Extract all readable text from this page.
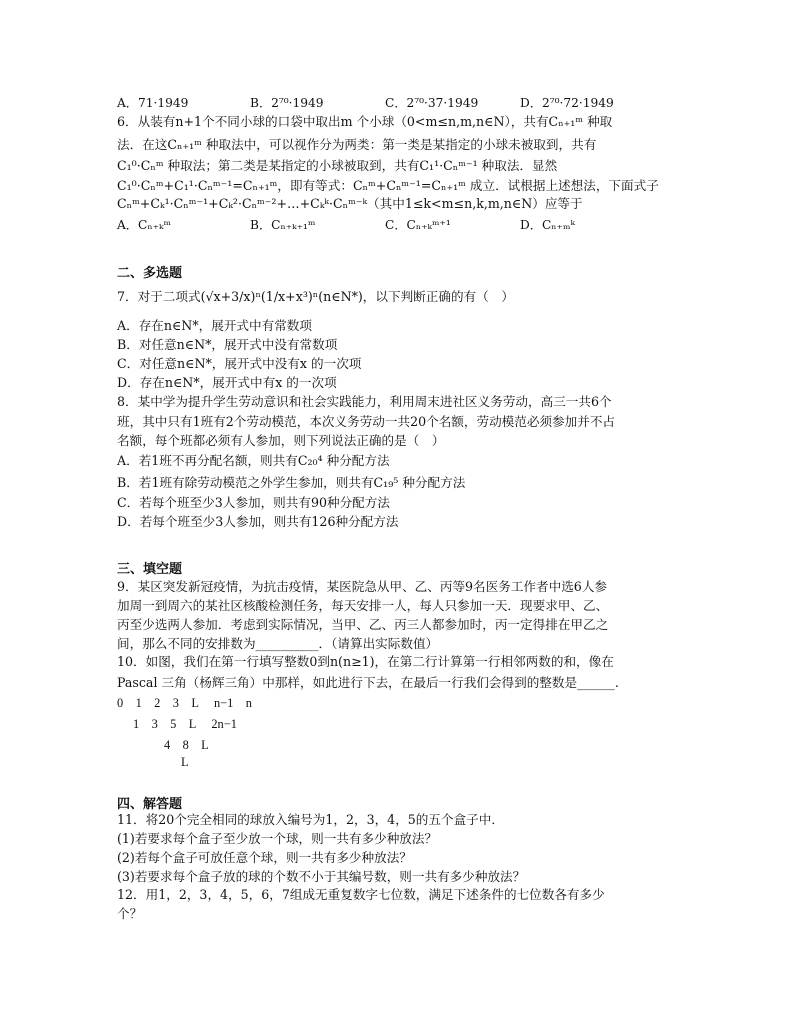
A．71·1949	B．2⁷⁰·1949	C．2⁷⁰·37·1949	D．2⁷⁰·72·1949
6．从装有n+1个不同小球的口袋中取出m 个小球（0<m≤n,m,n∈N），共有Cₙ₊₁ᵐ 种取
法．在这Cₙ₊₁ᵐ 种取法中，可以视作分为两类：第一类是某指定的小球未被取到，共有
C₁⁰·Cₙᵐ 种取法；第二类是某指定的小球被取到，共有C₁¹·Cₙᵐ⁻¹ 种取法．显然
C₁⁰·Cₙᵐ+C₁¹·Cₙᵐ⁻¹=Cₙ₊₁ᵐ，即有等式：Cₙᵐ+Cₙᵐ⁻¹=Cₙ₊₁ᵐ 成立．试根据上述想法，下面式子
Cₙᵐ+Cₖ¹·Cₙᵐ⁻¹+Cₖ²·Cₙᵐ⁻²+…+Cₖᵏ·Cₙᵐ⁻ᵏ（其中1≤k<m≤n,k,m,n∈N）应等于
A．Cₙ₊ₖᵐ	B．Cₙ₊ₖ₊₁ᵐ	C．Cₙ₊ₖᵐ⁺¹	D．Cₙ₊ₘᵏ
二、多选题
7．对于二项式(√x+3/x)ⁿ(1/x+x³)ⁿ(n∈N*)，以下判断正确的有（　）
A．存在n∈N*，展开式中有常数项
B．对任意n∈N*，展开式中没有常数项
C．对任意n∈N*，展开式中没有x 的一次项
D．存在n∈N*，展开式中有x 的一次项
8．某中学为提升学生劳动意识和社会实践能力，利用周末进社区义务劳动，高三一共6个
班，其中只有1班有2个劳动模范，本次义务劳动一共20个名额，劳动模范必须参加并不占
名额，每个班都必须有人参加，则下列说法正确的是（　）
A．若1班不再分配名额，则共有C₂₀⁴ 种分配方法
B．若1班有除劳动模范之外学生参加，则共有C₁₉⁵ 种分配方法
C．若每个班至少3人参加，则共有90种分配方法
D．若每个班至少3人参加，则共有126种分配方法
三、填空题
9．某区突发新冠疫情，为抗击疫情，某医院急从甲、乙、丙等9名医务工作者中选6人参
加周一到周六的某社区核酸检测任务，每天安排一人，每人只参加一天．现要求甲、乙、
丙至少选两人参加．考虑到实际情况，当甲、乙、丙三人都参加时，丙一定得排在甲乙之
间，那么不同的安排数为__________．（请算出实际数值）
10．如图，我们在第一行填写整数0到n(n≥1)，在第二行计算第一行相邻两数的和，像在
Pascal 三角（杨辉三角）中那样，如此进行下去，在最后一行我们会得到的整数是______.
0　1　2　3　L　 n−1　n
1　3　5　L　 2n−1
4　8　L
L
四、解答题
11．将20个完全相同的球放入编号为1，2，3，4，5的五个盒子中．
(1)若要求每个盒子至少放一个球，则一共有多少种放法？
(2)若每个盒子可放任意个球，则一共有多少种放法？
(3)若要求每个盒子放的球的个数不小于其编号数，则一共有多少种放法？
12．用1，2，3，4，5，6，7组成无重复数字七位数，满足下述条件的七位数各有多少
个？
